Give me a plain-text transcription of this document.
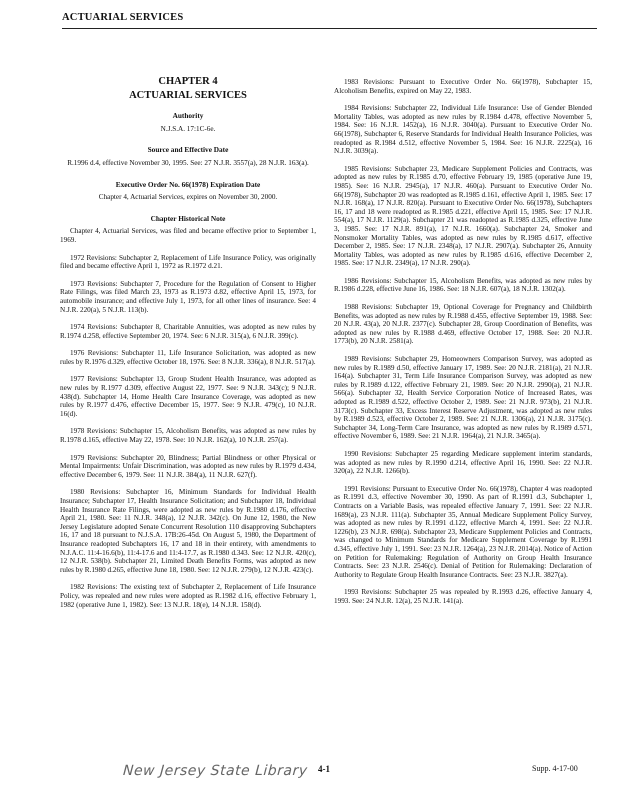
ACTUARIAL SERVICES
CHAPTER 4
ACTUARIAL SERVICES
Authority
N.J.S.A. 17:1C-6e.
Source and Effective Date
R.1996 d.4, effective November 30, 1995. See: 27 N.J.R. 3557(a), 28 N.J.R. 163(a).
Executive Order No. 66(1978) Expiration Date
Chapter 4, Actuarial Services, expires on November 30, 2000.
Chapter Historical Note

Chapter 4, Actuarial Services, was filed and became effective prior to September 1, 1969.

1972 Revisions: Subchapter 2, Replacement of Life Insurance Policy, was originally filed and became effective April 1, 1972 as R.1972 d.21.

1973 Revisions: Subchapter 7, Procedure for the Regulation of Consent to Higher Rate Filings, was filed March 23, 1973 as R.1973 d.82, effective April 15, 1973, for automobile insurance; and effective July 1, 1973, for all other lines of insurance. See: 4 N.J.R. 220(a), 5 N.J.R. 113(b).

1974 Revisions: Subchapter 8, Charitable Annuities, was adopted as new rules by R.1974 d.258, effective September 20, 1974. See: 6 N.J.R. 315(a), 6 N.J.R. 399(c).

1976 Revisions: Subchapter 11, Life Insurance Solicitation, was adopted as new rules by R.1976 d.329, effective October 18, 1976. See: 8 N.J.R. 336(a), 8 N.J.R. 517(a).

1977 Revisions: Subchapter 13, Group Student Health Insurance, was adopted as new rules by R.1977 d.309, effective August 22, 1977. See: 9 N.J.R. 343(c); 9 N.J.R. 438(d). Subchapter 14, Home Health Care Insurance Coverage, was adopted as new rules by R.1977 d.476, effective December 15, 1977. See: 9 N.J.R. 479(c), 10 N.J.R. 16(d).

1978 Revisions: Subchapter 15, Alcoholism Benefits, was adopted as new rules by R.1978 d.165, effective May 22, 1978. See: 10 N.J.R. 162(a), 10 N.J.R. 257(a).

1979 Revisions: Subchapter 20, Blindness; Partial Blindness or other Physical or Mental Impairments: Unfair Discrimination, was adopted as new rules by R.1979 d.434, effective December 6, 1979. See: 11 N.J.R. 384(a), 11 N.J.R. 627(f).

1980 Revisions: Subchapter 16, Minimum Standards for Individual Health Insurance; Subchapter 17, Health Insurance Solicitation; and Subchapter 18, Individual Health Insurance Rate Filings, were adopted as new rules by R.1980 d.176, effective April 21, 1980. See: 11 N.J.R. 348(a), 12 N.J.R. 342(c). On June 12, 1980, the New Jersey Legislature adopted Senate Concurrent Resolution 110 disapproving Subchapters 16, 17 and 18 pursuant to N.J.S.A. 17B:26-45d. On August 5, 1980, the Department of Insurance readopted Subchapters 16, 17 and 18 in their entirety, with amendments to N.J.A.C. 11:4-16.6(b), 11:4-17.6 and 11:4-17.7, as R.1980 d.343. See: 12 N.J.R. 420(c), 12 N.J.R. 538(b). Subchapter 21, Limited Death Benefits Forms, was adopted as new rules by R.1980 d.265, effective June 18, 1980. See: 12 N.J.R. 279(b), 12 N.J.R. 423(c).

1982 Revisions: The existing text of Subchapter 2, Replacement of Life Insurance Policy, was repealed and new rules were adopted as R.1982 d.16, effective February 1, 1982 (operative June 1, 1982). See: 13 N.J.R. 18(e), 14 N.J.R. 158(d).

1983 Revisions: Pursuant to Executive Order No. 66(1978), Subchapter 15, Alcoholism Benefits, expired on May 22, 1983.

1984 Revisions: Subchapter 22, Individual Life Insurance: Use of Gender Blended Mortality Tables, was adopted as new rules by R.1984 d.478, effective November 5, 1984. See: 16 N.J.R. 1452(a), 16 N.J.R. 3040(a). Pursuant to Executive Order No. 66(1978), Subchapter 6, Reserve Standards for Individual Health Insurance Policies, was readopted as R.1984 d.512, effective November 5, 1984. See: 16 N.J.R. 2225(a), 16 N.J.R. 3039(a).

1985 Revisions: Subchapter 23, Medicare Supplement Policies and Contracts, was adopted as new rules by R.1985 d.70, effective February 19, 1985 (operative June 19, 1985). See: 16 N.J.R. 2945(a), 17 N.J.R. 460(a). Pursuant to Executive Order No. 66(1978), Subchapter 20 was readopted as R.1985 d.161, effective April 1, 1985. See: 17 N.J.R. 168(a), 17 N.J.R. 820(a). Pursuant to Executive Order No. 66(1978), Subchapters 16, 17 and 18 were readopted as R.1985 d.221, effective April 15, 1985. See: 17 N.J.R. 554(a), 17 N.J.R. 1129(a). Subchapter 21 was readopted as R.1985 d.325, effective June 3, 1985. See: 17 N.J.R. 891(a), 17 N.J.R. 1660(a). Subchapter 24, Smoker and Nonsmoker Mortality Tables, was adopted as new rules by R.1985 d.617, effective December 2, 1985. See: 17 N.J.R. 2348(a), 17 N.J.R. 2907(a). Subchapter 26, Annuity Mortality Tables, was adopted as new rules by R.1985 d.616, effective December 2, 1985. See: 17 N.J.R. 2349(a), 17 N.J.R. 290(a).

1986 Revisions: Subchapter 15, Alcoholism Benefits, was adopted as new rules by R.1986 d.228, effective June 16, 1986. See: 18 N.J.R. 607(a), 18 N.J.R. 1302(a).

1988 Revisions: Subchapter 19, Optional Coverage for Pregnancy and Childbirth Benefits, was adopted as new rules by R.1988 d.455, effective September 19, 1988. See: 20 N.J.R. 43(a), 20 N.J.R. 2377(c). Subchapter 28, Group Coordination of Benefits, was adopted as new rules by R.1988 d.469, effective October 17, 1988. See: 20 N.J.R. 1773(b), 20 N.J.R. 2581(a).

1989 Revisions: Subchapter 29, Homeowners Comparison Survey, was adopted as new rules by R.1989 d.50, effective January 17, 1989. See: 20 N.J.R. 2181(a), 21 N.J.R. 164(a). Subchapter 31, Term Life Insurance Comparison Survey, was adopted as new rules by R.1989 d.122, effective February 21, 1989. See: 20 N.J.R. 2990(a), 21 N.J.R. 566(a). Subchapter 32, Health Service Corporation Notice of Increased Rates, was adopted as R.1989 d.522, effective October 2, 1989. See: 21 N.J.R. 973(b), 21 N.J.R. 3173(c). Subchapter 33, Excess Interest Reserve Adjustment, was adopted as new rules by R.1989 d.523, effective October 2, 1989. See: 21 N.J.R. 1306(a), 21 N.J.R. 3175(c). Subchapter 34, Long-Term Care Insurance, was adopted as new rules by R.1989 d.571, effective November 6, 1989. See: 21 N.J.R. 1964(a), 21 N.J.R. 3465(a).

1990 Revisions: Subchapter 25 regarding Medicare supplement interim standards, was adopted as new rules by R.1990 d.214, effective April 16, 1990. See: 22 N.J.R. 320(a), 22 N.J.R. 1266(b).

1991 Revisions: Pursuant to Executive Order No. 66(1978), Chapter 4 was readopted as R.1991 d.3, effective November 30, 1990. As part of R.1991 d.3, Subchapter 1, Contracts on a Variable Basis, was repealed effective January 7, 1991. See: 22 N.J.R. 1689(a), 23 N.J.R. 111(a). Subchapter 35, Annual Medicare Supplement Policy Survey, was adopted as new rules by R.1991 d.122, effective March 4, 1991. See: 22 N.J.R. 1226(b), 23 N.J.R. 698(a). Subchapter 23, Medicare Supplement Policies and Contracts, was changed to Minimum Standards for Medicare Supplement Coverage by R.1991 d.345, effective July 1, 1991. See: 23 N.J.R. 1264(a), 23 N.J.R. 2014(a). Notice of Action on Petition for Rulemaking: Regulation of Authority on Group Health Insurance Contracts. See: 23 N.J.R. 2546(c). Denial of Petition for Rulemaking: Declaration of Authority to Regulate Group Health Insurance Contracts. See: 23 N.J.R. 3827(a).

1993 Revisions: Subchapter 25 was repealed by R.1993 d.26, effective January 4, 1993. See: 24 N.J.R. 12(a), 25 N.J.R. 141(a).

New Jersey State Library 4-1	Supp. 4-17-00
